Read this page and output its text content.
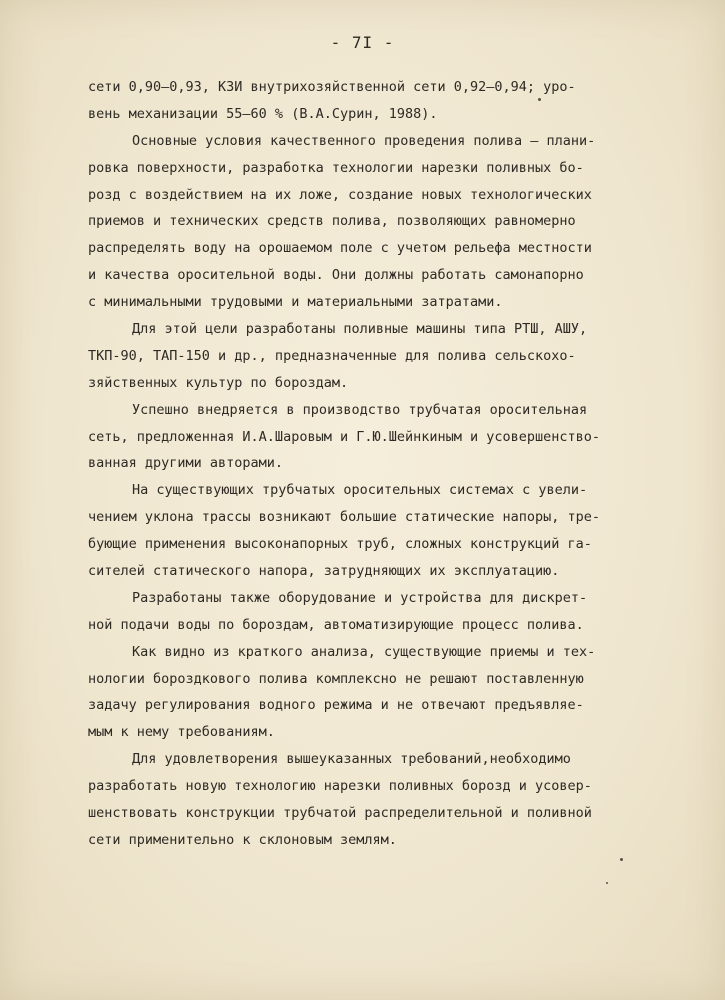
- 7I -
сети 0,90–0,93, КЗИ внутрихозяйственной сети 0,92–0,94; уро-
вень механизации 55–60 % (В.А.Сурин, 1988).
Основные условия качественного проведения полива – плани-
ровка поверхности, разработка технологии нарезки поливных бо-
розд с воздействием на их ложе, создание новых технологических
приемов и технических средств полива, позволяющих равномерно
распределять воду на орошаемом поле с учетом рельефа местности
и качества оросительной воды. Они должны работать самонапорно
с минимальными трудовыми и материальными затратами.
Для этой цели разработаны поливные машины типа РТШ, АШУ,
ТКП-90, ТАП-150 и др., предназначенные для полива сельскохо-
зяйственных культур по бороздам.
Успешно внедряется в производство трубчатая оросительная
сеть, предложенная И.А.Шаровым и Г.Ю.Шейнкиным и усовершенство-
ванная другими авторами.
На существующих трубчатых оросительных системах с увели-
чением уклона трассы возникают большие статические напоры, тре-
бующие применения высоконапорных труб, сложных конструкций га-
сителей статического напора, затрудняющих их эксплуатацию.
Разработаны также оборудование и устройства для дискрет-
ной подачи воды по бороздам, автоматизирующие процесс полива.
Как видно из краткого анализа, существующие приемы и тех-
нологии бороздкового полива комплексно не решают поставленную
задачу регулирования водного режима и не отвечают предъявляе-
мым к нему требованиям.
Для удовлетворения вышеуказанных требований,необходимо
разработать новую технологию нарезки поливных борозд и усовер-
шенствовать конструкции трубчатой распределительной и поливной
сети применительно к склоновым землям.
